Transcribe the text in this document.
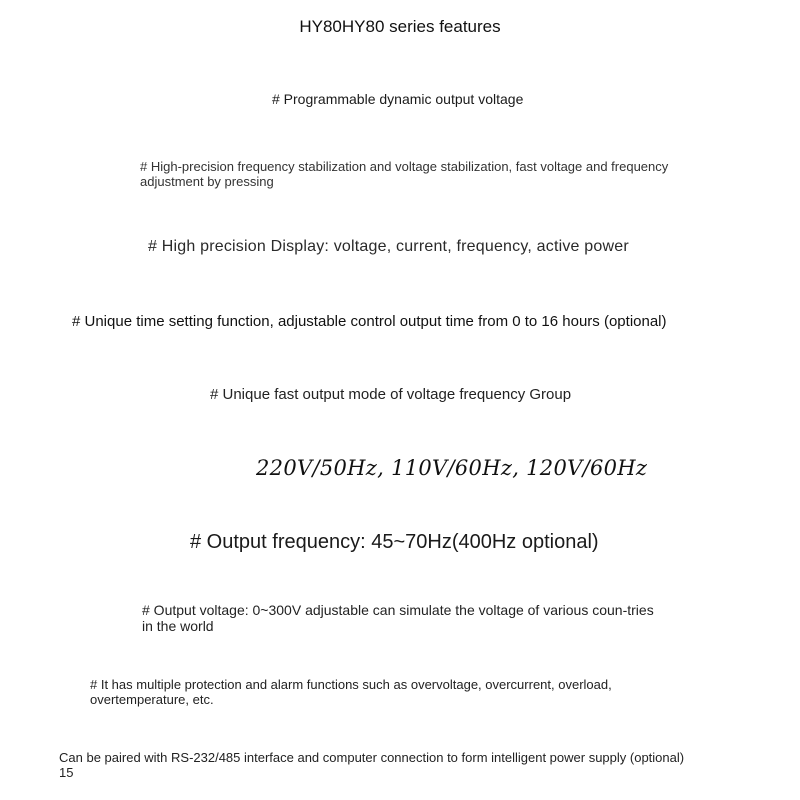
HY80HY80 series features

# Programmable dynamic output voltage

# High-precision frequency stabilization and voltage stabilization, fast voltage and frequency adjustment by pressing

# High precision Display: voltage, current, frequency, active power

# Unique time setting function, adjustable control output time from 0 to 16 hours (optional)

# Unique fast output mode of voltage frequency Group

220V/50Hz, 110V/60Hz, 120V/60Hz

# Output frequency: 45~70Hz(400Hz optional)

# Output voltage: 0~300V adjustable can simulate the voltage of various coun-tries in the world

# It has multiple protection and alarm functions such as overvoltage, overcurrent, overload, overtemperature, etc.

Can be paired with RS-232/485 interface and computer connection to form intelligent power supply (optional)
15
